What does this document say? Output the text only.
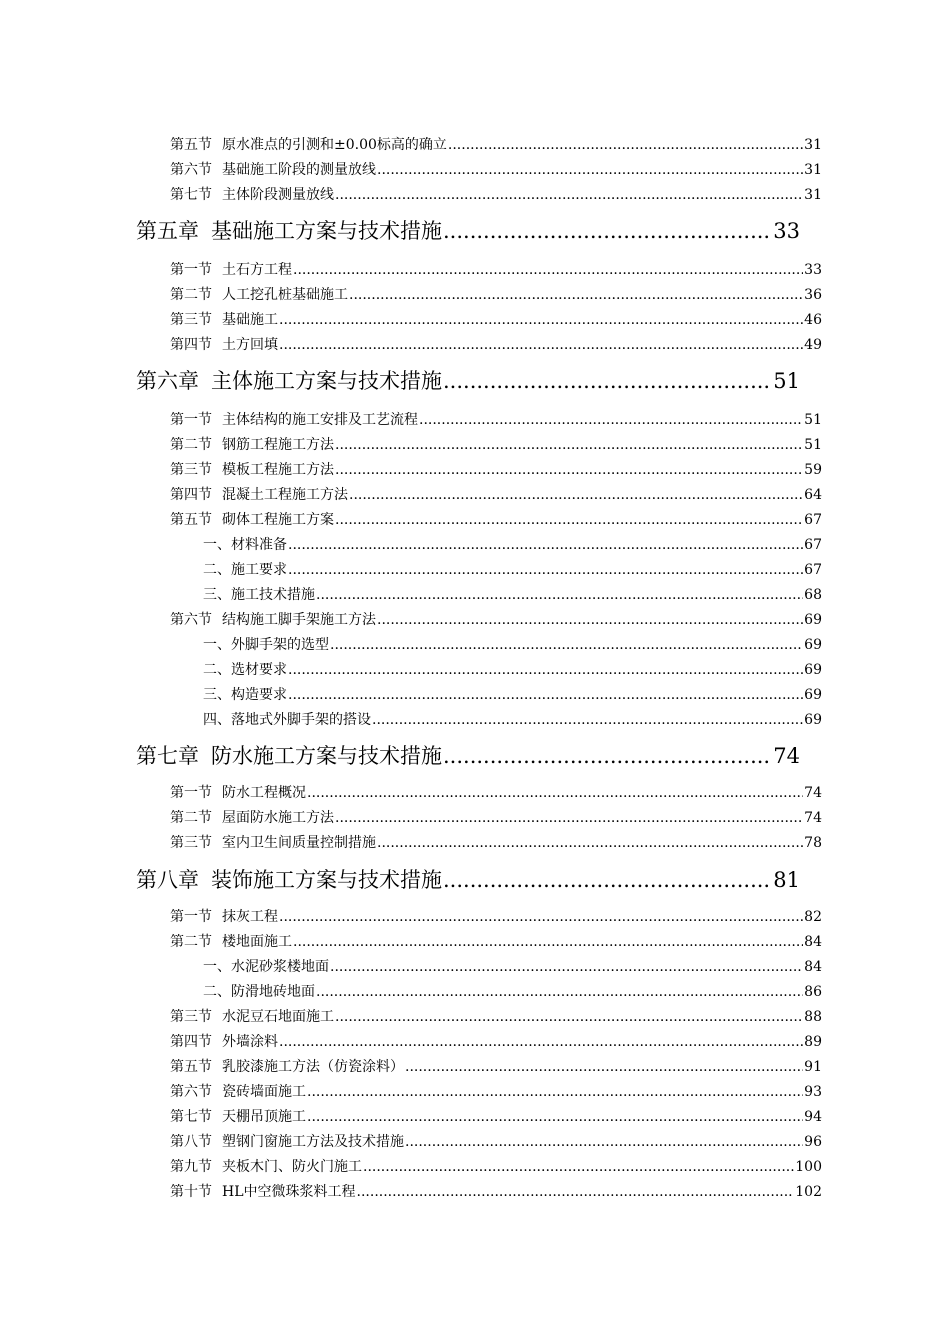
第五节 原水准点的引测和±0.00标高的确立 .....	31
第六节 基础施工阶段的测量放线 .....	31
第七节 主体阶段测量放线 .....	31
第五章 基础施工方案与技术措施 .....	33
第一节 土石方工程 .....	33
第二节 人工挖孔桩基础施工 .....	36
第三节 基础施工 .....	46
第四节 土方回填 .....	49
第六章 主体施工方案与技术措施 .....	51
第一节 主体结构的施工安排及工艺流程 .....	51
第二节 钢筋工程施工方法 .....	51
第三节 模板工程施工方法 .....	59
第四节 混凝土工程施工方法 .....	64
第五节 砌体工程施工方案 .....	67
一、材料准备 .....	67
二、施工要求 .....	67
三、施工技术措施 .....	68
第六节 结构施工脚手架施工方法 .....	69
一、外脚手架的选型 .....	69
二、选材要求 .....	69
三、构造要求 .....	69
四、落地式外脚手架的搭设 .....	69
第七章 防水施工方案与技术措施 .....	74
第一节 防水工程概况 .....	74
第二节 屋面防水施工方法 .....	74
第三节 室内卫生间质量控制措施 .....	78
第八章 装饰施工方案与技术措施 .....	81
第一节 抹灰工程 .....	82
第二节 楼地面施工 .....	84
一、水泥砂浆楼地面 .....	84
二、防滑地砖地面 .....	86
第三节 水泥豆石地面施工 .....	88
第四节 外墙涂料 .....	89
第五节 乳胶漆施工方法（仿瓷涂料） .....	91
第六节 瓷砖墙面施工 .....	93
第七节 天棚吊顶施工 .....	94
第八节 塑钢门窗施工方法及技术措施 .....	96
第九节 夹板木门、防火门施工 .....	100
第十节 HL中空微珠浆料工程 .....	102
